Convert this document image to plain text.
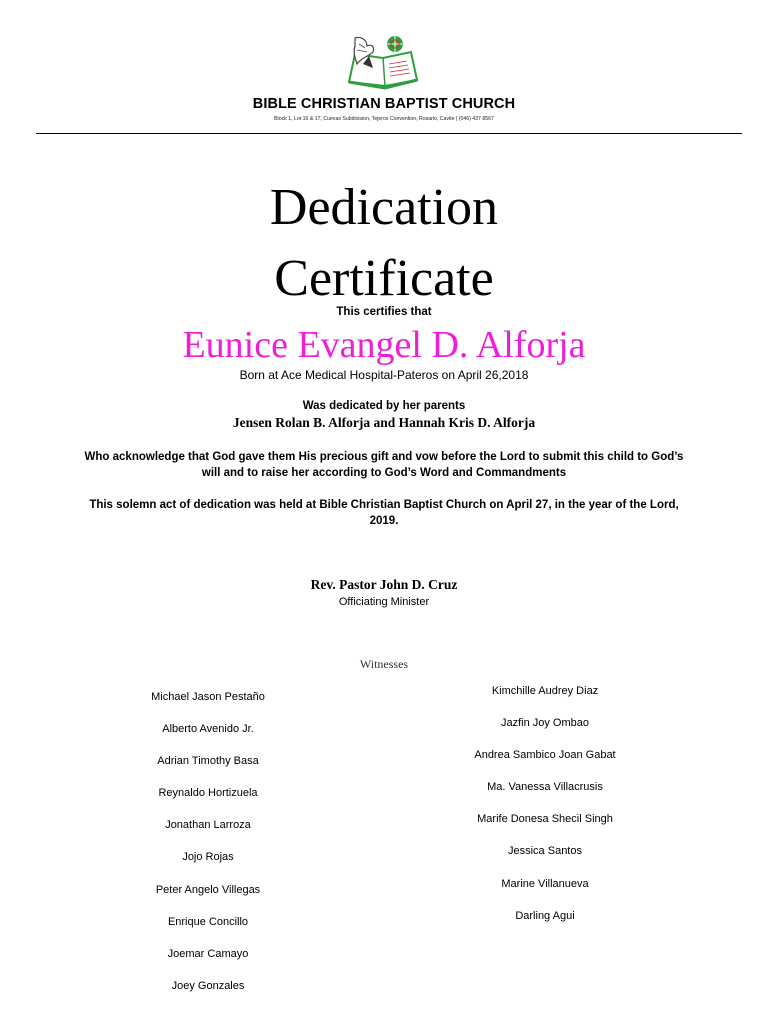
BIBLE CHRISTIAN BAPTIST CHURCH
Block 1, Lot 16 & 17, Cuevas Subdivision, Tejeros Convention, Rosario, Cavite | (046) 437 8567
Dedication
Certificate
This certifies that
Eunice Evangel D. Alforja
Born at Ace Medical Hospital-Pateros on April 26,2018
Was dedicated by her parents
Jensen Rolan B. Alforja and Hannah Kris D. Alforja
Who acknowledge that God gave them His precious gift and vow before the Lord to submit this child to God’s will and to raise her according to God’s Word and Commandments
This solemn act of dedication was held at Bible Christian Baptist Church on April 27, in the year of the Lord, 2019.
Rev. Pastor John D. Cruz
Officiating Minister
Witnesses
Michael Jason Pestaño
Alberto Avenido Jr.
Adrian Timothy Basa
Reynaldo Hortizuela
Jonathan Larroza
Jojo Rojas
Peter Angelo Villegas
Enrique Concillo
Joemar Camayo
Joey Gonzales
Kimchille Audrey Diaz
Jazfin Joy Ombao
Andrea Sambico Joan Gabat
Ma. Vanessa Villacrusis
Marife Donesa Shecil Singh
Jessica Santos
Marine Villanueva
Darling Agui
